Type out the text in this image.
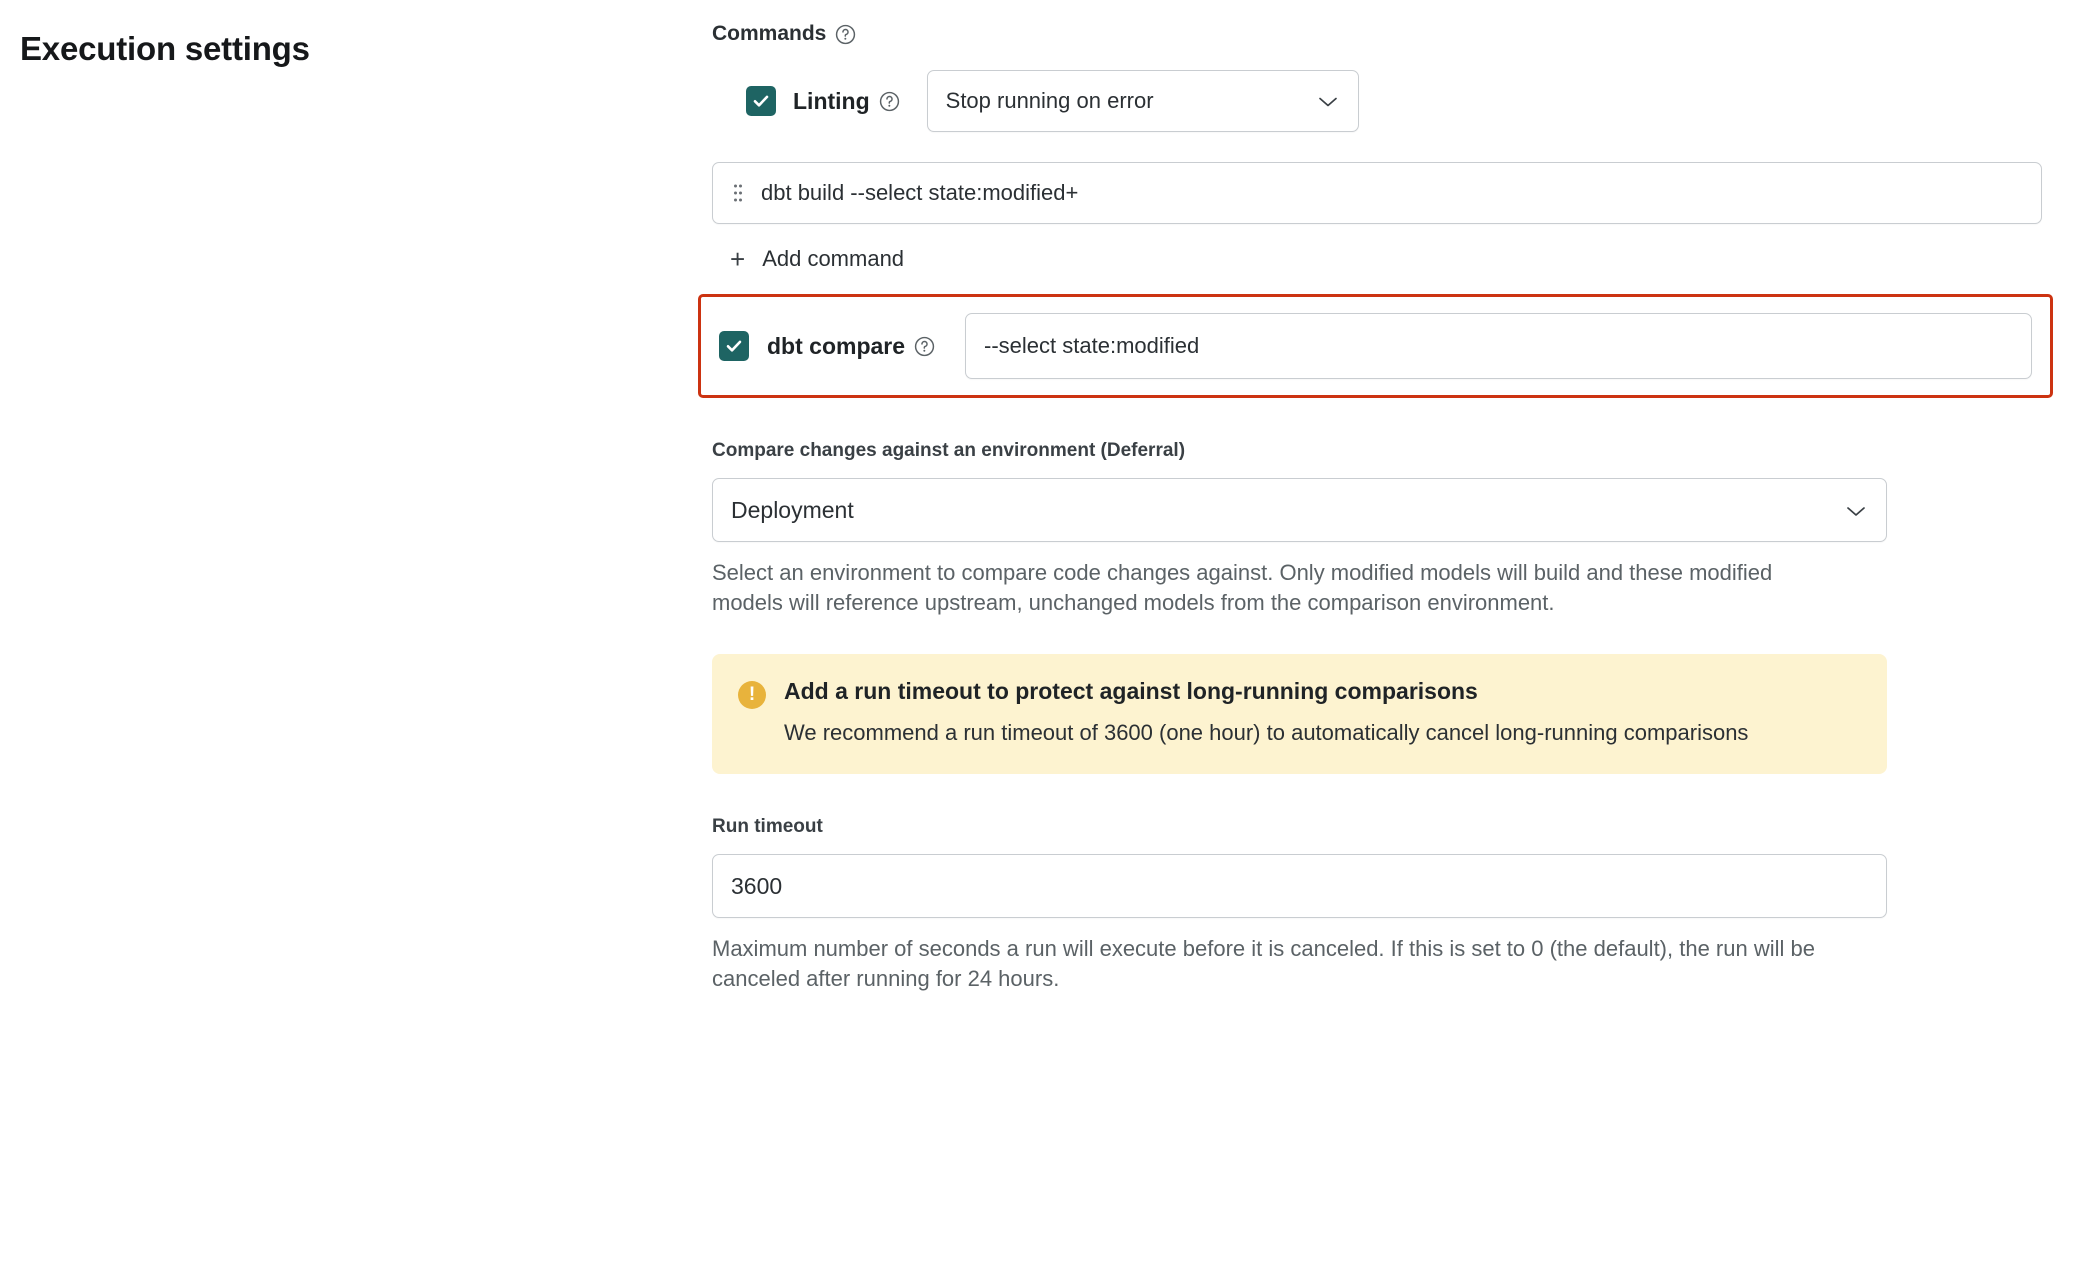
Execution settings	Commands
Linting	Stop running on error
dbt build --select state:modified+
+ Add command
dbt compare	--select state:modified
Compare changes against an environment (Deferral)
Deployment
Select an environment to compare code changes against. Only modified models will build and these modified models will reference upstream, unchanged models from the comparison environment.
!	Add a run timeout to protect against long-running comparisons
We recommend a run timeout of 3600 (one hour) to automatically cancel long-running comparisons
Run timeout
3600
Maximum number of seconds a run will execute before it is canceled. If this is set to 0 (the default), the run will be canceled after running for 24 hours.
